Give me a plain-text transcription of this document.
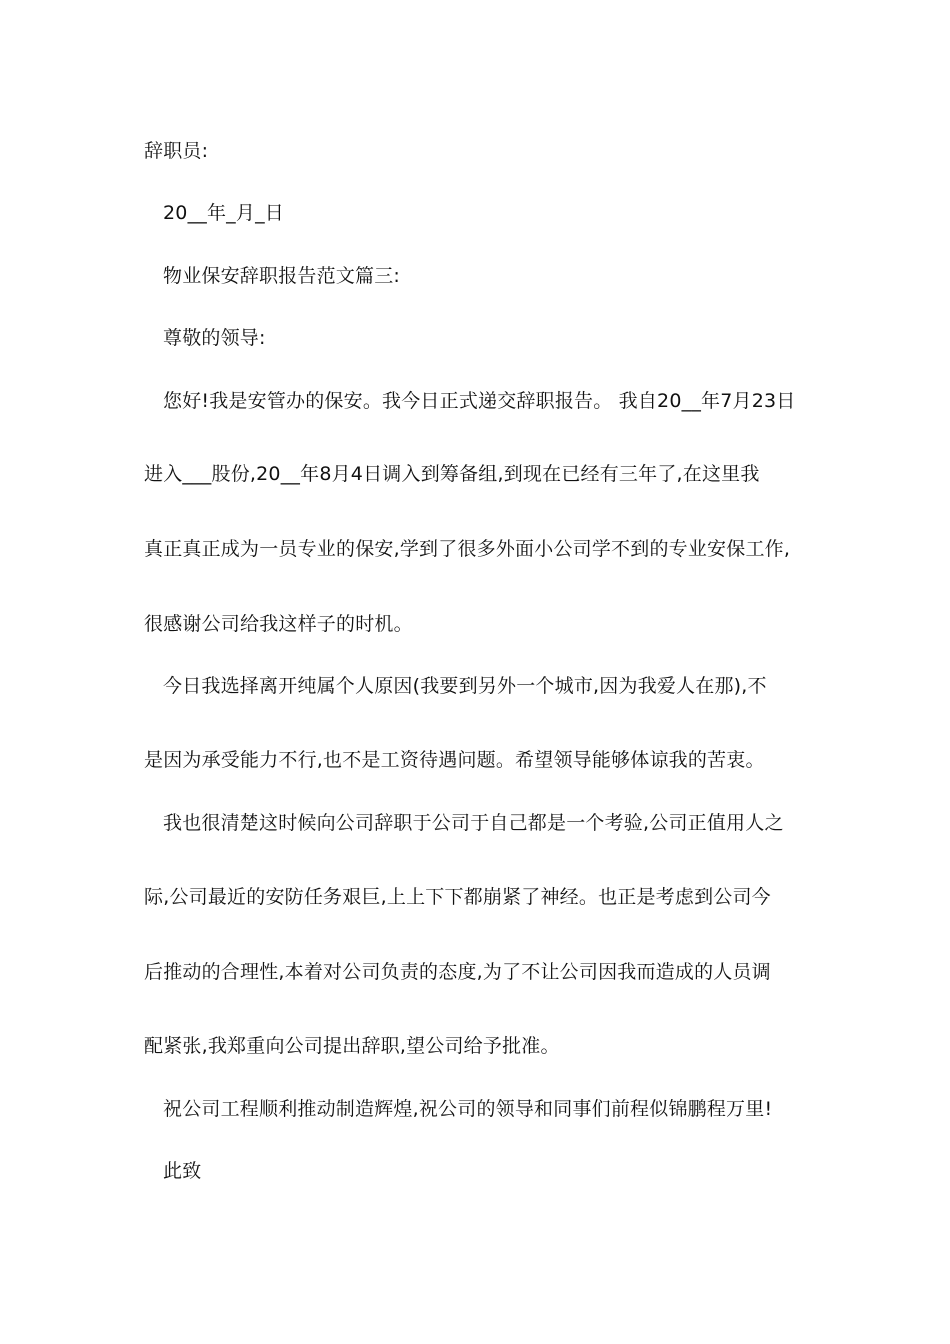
辞职员:
20__年_月_日
物业保安辞职报告范文篇三:
尊敬的领导:
您好!我是安管办的保安。我今日正式递交辞职报告。 我自20__年7月23日
进入___股份,20__年8月4日调入到筹备组,到现在已经有三年了,在这里我
真正真正成为一员专业的保安,学到了很多外面小公司学不到的专业安保工作,
很感谢公司给我这样子的时机。
今日我选择离开纯属个人原因(我要到另外一个城市,因为我爱人在那),不
是因为承受能力不行,也不是工资待遇问题。希望领导能够体谅我的苦衷。
我也很清楚这时候向公司辞职于公司于自己都是一个考验,公司正值用人之
际,公司最近的安防任务艰巨,上上下下都崩紧了神经。也正是考虑到公司今
后推动的合理性,本着对公司负责的态度,为了不让公司因我而造成的人员调
配紧张,我郑重向公司提出辞职,望公司给予批准。
祝公司工程顺利推动制造辉煌,祝公司的领导和同事们前程似锦鹏程万里!
此致
